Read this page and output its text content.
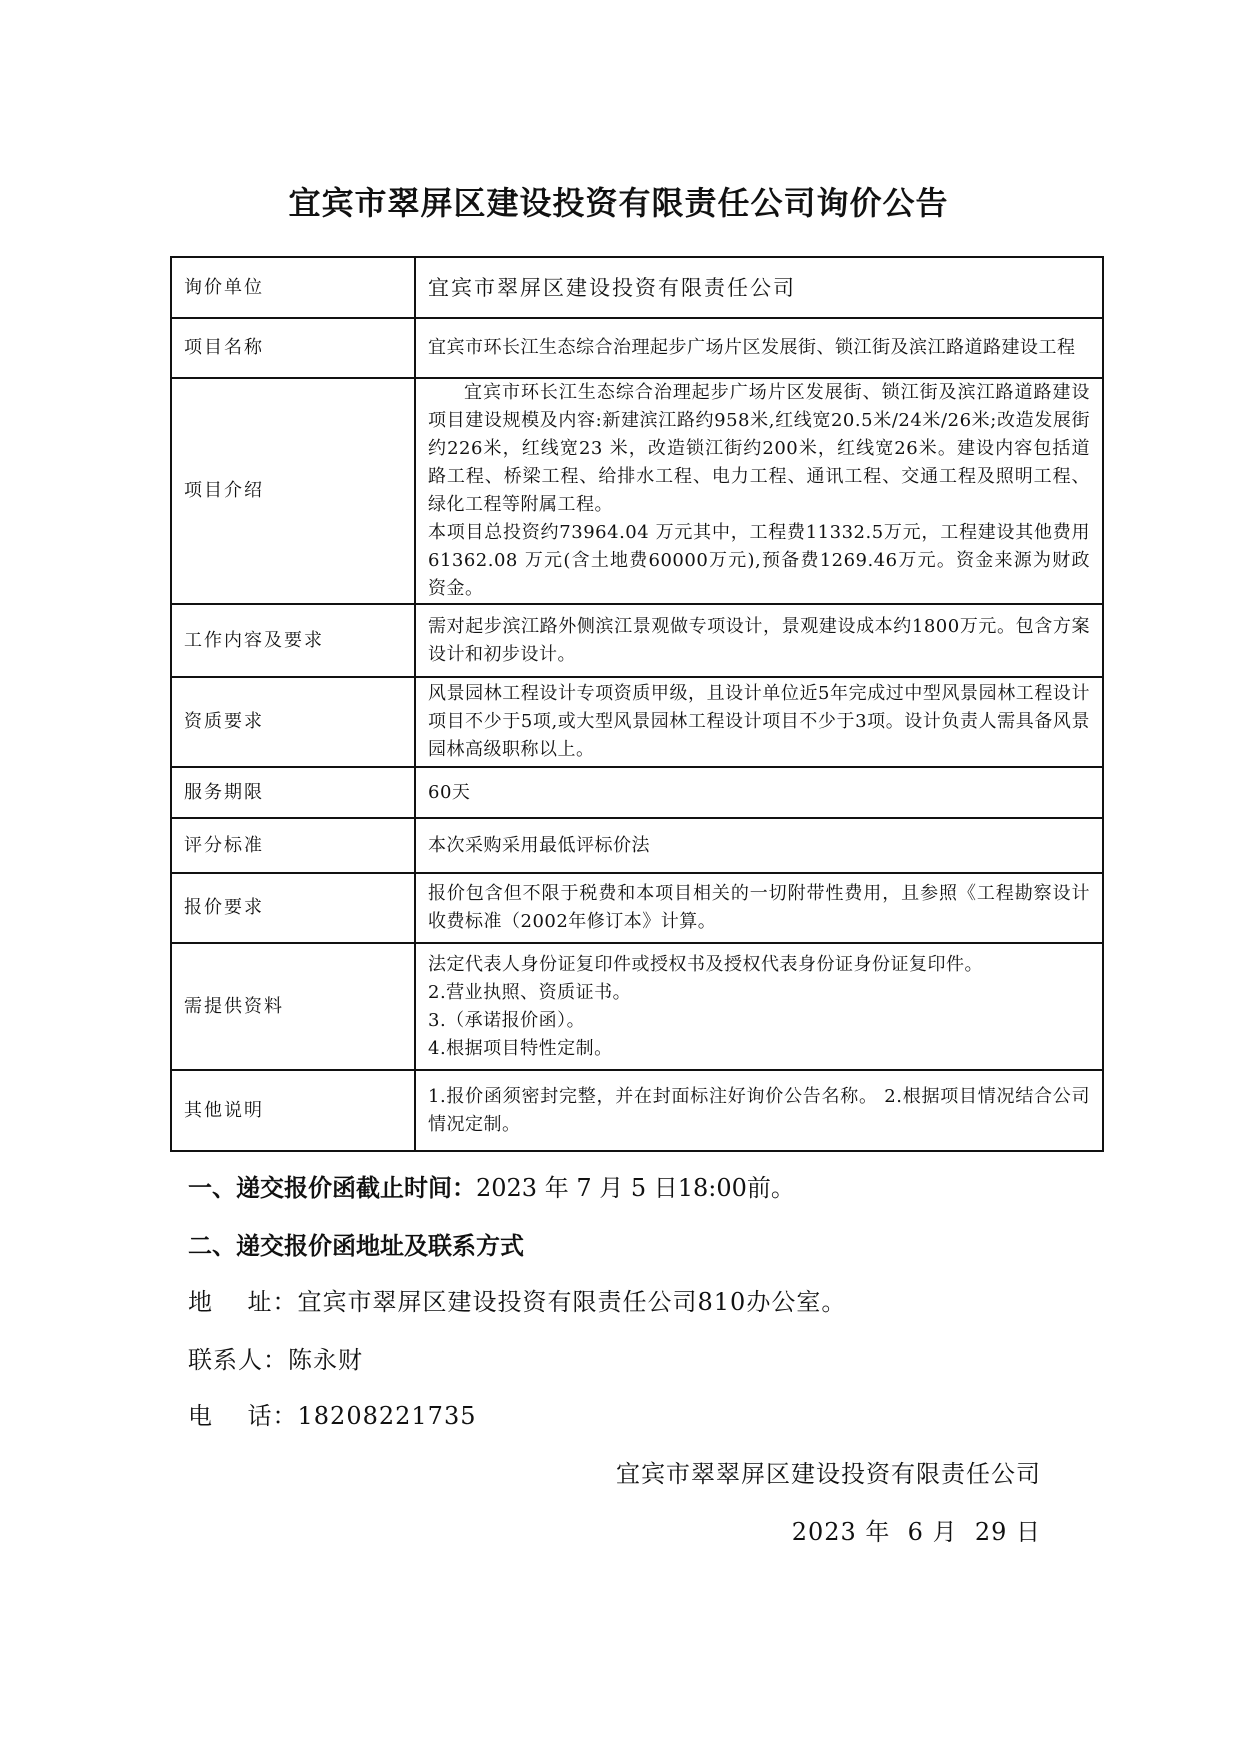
宜宾市翠屏区建设投资有限责任公司询价公告
询价单位	宜宾市翠屏区建设投资有限责任公司
项目名称	宜宾市环长江生态综合治理起步广场片区发展街、锁江街及滨江路道路建设工程
项目介绍	宜宾市环长江生态综合治理起步广场片区发展街、锁江街及滨江路道路建设项目建设规模及内容:新建滨江路约958米,红线宽20.5米/24米/26米;改造发展街约226米，红线宽23 米，改造锁江街约200米，红线宽26米。建设内容包括道路工程、桥梁工程、给排水工程、电力工程、通讯工程、交通工程及照明工程、绿化工程等附属工程。
本项目总投资约73964.04 万元其中，工程费11332.5万元，工程建设其他费用61362.08 万元(含土地费60000万元),预备费1269.46万元。资金来源为财政资金。

工作内容及要求	需对起步滨江路外侧滨江景观做专项设计，景观建设成本约1800万元。包含方案设计和初步设计。
资质要求	风景园林工程设计专项资质甲级，且设计单位近5年完成过中型风景园林工程设计项目不少于5项,或大型风景园林工程设计项目不少于3项。设计负责人需具备风景园林高级职称以上。
服务期限	60天
评分标准	本次采购采用最低评标价法
报价要求	报价包含但不限于税费和本项目相关的一切附带性费用，且参照《工程勘察设计收费标准（2002年修订本》计算。
需提供资料	法定代表人身份证复印件或授权书及授权代表身份证身份证复印件。
2.营业执照、资质证书。
3.（承诺报价函）。
4.根据项目特性定制。

其他说明	1.报价函须密封完整，并在封面标注好询价公告名称。 2.根据项目情况结合公司情况定制。
一、递交报价函截止时间：2023 年 7 月 5 日18:00前。
二、递交报价函地址及联系方式
地    址：宜宾市翠屏区建设投资有限责任公司810办公室。
联系人：陈永财
电    话：18208221735
宜宾市翠翠屏区建设投资有限责任公司
2023 年  6 月  29 日
